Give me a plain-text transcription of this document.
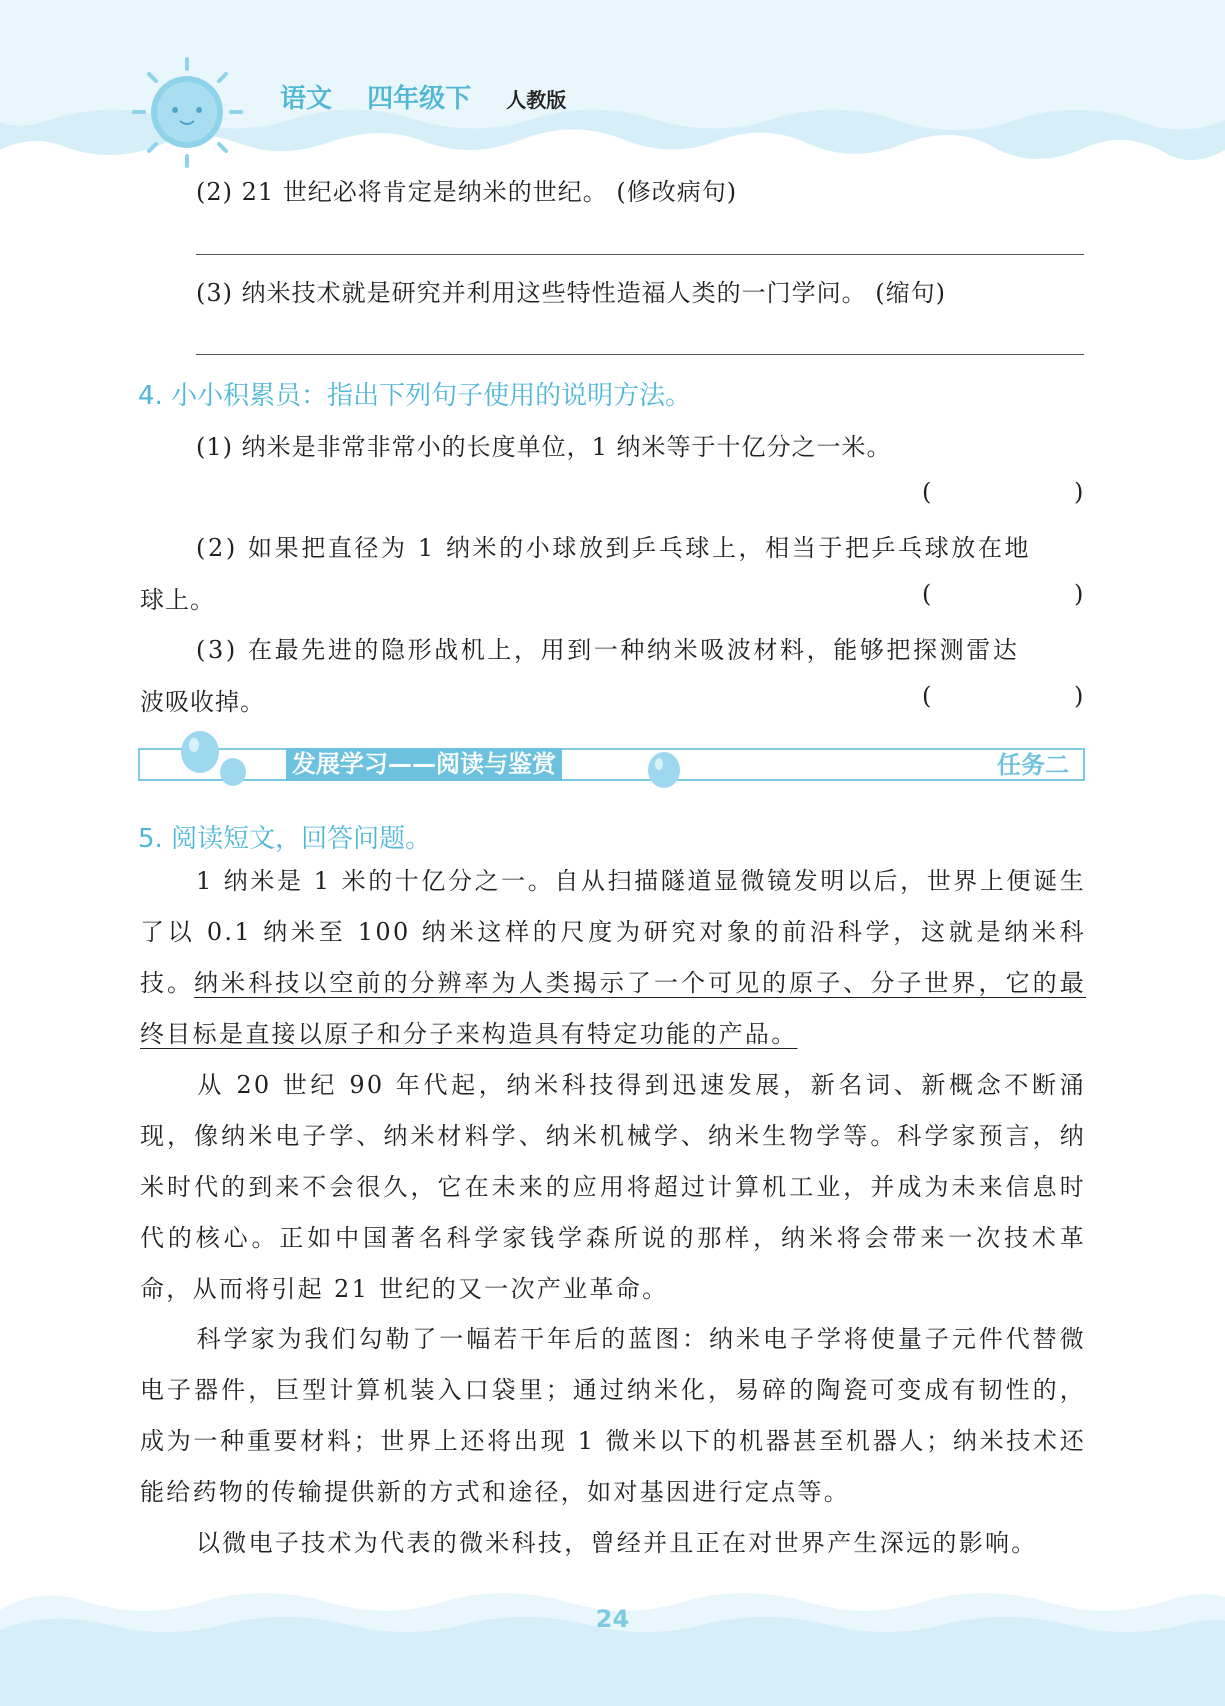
语文 四年级下 人教版
(2) 21 世纪必将肯定是纳米的世纪。 (修改病句)
(3) 纳米技术就是研究并利用这些特性造福人类的一门学问。 (缩句)
4. 小小积累员：指出下列句子使用的说明方法。
(1) 纳米是非常非常小的长度单位，1 纳米等于十亿分之一米。
(	)
(2) 如果把直径为 1 纳米的小球放到乒乓球上，相当于把乒乓球放在地
球上。	(	)
(3) 在最先进的隐形战机上，用到一种纳米吸波材料，能够把探测雷达
波吸收掉。	(	)
发展学习——阅读与鉴赏	任务二
5. 阅读短文，回答问题。
1 纳米是 1 米的十亿分之一。自从扫描隧道显微镜发明以后，世界上便诞生了以 0.1 纳米至 100 纳米这样的尺度为研究对象的前沿科学，这就是纳米科技。纳米科技以空前的分辨率为人类揭示了一个可见的原子、分子世界，它的最终目标是直接以原子和分子来构造具有特定功能的产品。
从 20 世纪 90 年代起，纳米科技得到迅速发展，新名词、新概念不断涌现，像纳米电子学、纳米材料学、纳米机械学、纳米生物学等。科学家预言，纳米时代的到来不会很久，它在未来的应用将超过计算机工业，并成为未来信息时代的核心。正如中国著名科学家钱学森所说的那样，纳米将会带来一次技术革命，从而将引起 21 世纪的又一次产业革命。
科学家为我们勾勒了一幅若干年后的蓝图：纳米电子学将使量子元件代替微电子器件，巨型计算机装入口袋里；通过纳米化，易碎的陶瓷可变成有韧性的，成为一种重要材料；世界上还将出现 1 微米以下的机器甚至机器人；纳米技术还能给药物的传输提供新的方式和途径，如对基因进行定点等。
以微电子技术为代表的微米科技，曾经并且正在对世界产生深远的影响。
24
